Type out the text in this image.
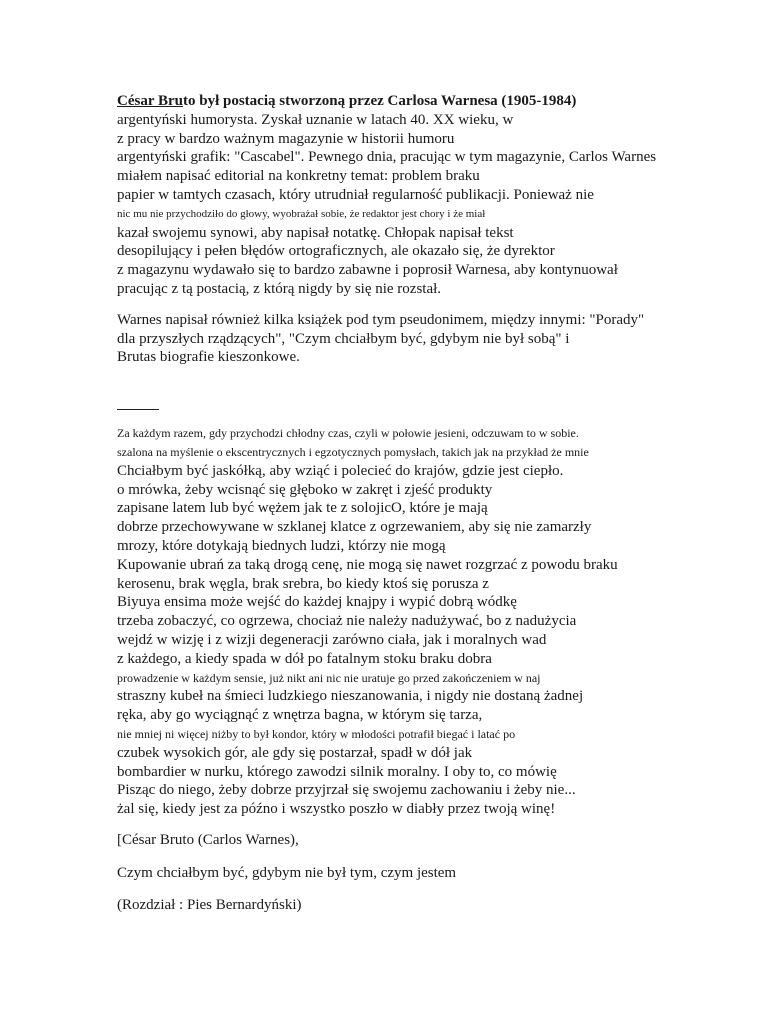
César Bruto był postacią stworzoną przez Carlosa Warnesa (1905-1984)
argentyński humorysta. Zyskał uznanie w latach 40. XX wieku, w
z pracy w bardzo ważnym magazynie w historii humoru
argentyński grafik: "Cascabel". Pewnego dnia, pracując w tym magazynie, Carlos Warnes
miałem napisać editorial na konkretny temat: problem braku
papier w tamtych czasach, który utrudniał regularność publikacji. Ponieważ nie
nic mu nie przychodziło do głowy, wyobrażał sobie, że redaktor jest chory i że miał
kazał swojemu synowi, aby napisał notatkę. Chłopak napisał tekst
desopilujący i pełen błędów ortograficznych, ale okazało się, że dyrektor
z magazynu wydawało się to bardzo zabawne i poprosił Warnesa, aby kontynuował
pracując z tą postacią, z którą nigdy by się nie rozstał.
Warnes napisał również kilka książek pod tym pseudonimem, między innymi: "Porady"
dla przyszłych rządzących", "Czym chciałbym być, gdybym nie był sobą" i
Brutas biografie kieszonkowe.
Za każdym razem, gdy przychodzi chłodny czas, czyli w połowie jesieni, odczuwam to w sobie.
szalona na myślenie o ekscentrycznych i egzotycznych pomysłach, takich jak na przykład że mnie
Chciałbym być jaskółką, aby wziąć i polecieć do krajów, gdzie jest ciepło.
o mrówka, żeby wcisnąć się głęboko w zakręt i zjeść produkty
zapisane latem lub być wężem jak te z solojicO, które je mają
dobrze przechowywane w szklanej klatce z ogrzewaniem, aby się nie zamarzły
mrozy, które dotykają biednych ludzi, którzy nie mogą
Kupowanie ubrań za taką drogą cenę, nie mogą się nawet rozgrzać z powodu braku
kerosenu, brak węgla, brak srebra, bo kiedy ktoś się porusza z
Biyuya ensima może wejść do każdej knajpy i wypić dobrą wódkę
trzeba zobaczyć, co ogrzewa, chociaż nie należy nadużywać, bo z nadużycia
wejdź w wizję i z wizji degeneracji zarówno ciała, jak i moralnych wad
z każdego, a kiedy spada w dół po fatalnym stoku braku dobra
prowadzenie w każdym sensie, już nikt ani nic nie uratuje go przed zakończeniem w naj
straszny kubeł na śmieci ludzkiego nieszanowania, i nigdy nie dostaną żadnej
ręka, aby go wyciągnąć z wnętrza bagna, w którym się tarza,
nie mniej ni więcej niżby to był kondor, który w młodości potrafił biegać i latać po
czubek wysokich gór, ale gdy się postarzał, spadł w dół jak
bombardier w nurku, którego zawodzi silnik moralny. I oby to, co mówię
Pisząc do niego, żeby dobrze przyjrzał się swojemu zachowaniu i żeby nie...
żal się, kiedy jest za późno i wszystko poszło w diabły przez twoją winę!
[César Bruto (Carlos Warnes),
Czym chciałbym być, gdybym nie był tym, czym jestem
(Rozdział : Pies Bernardyński)
